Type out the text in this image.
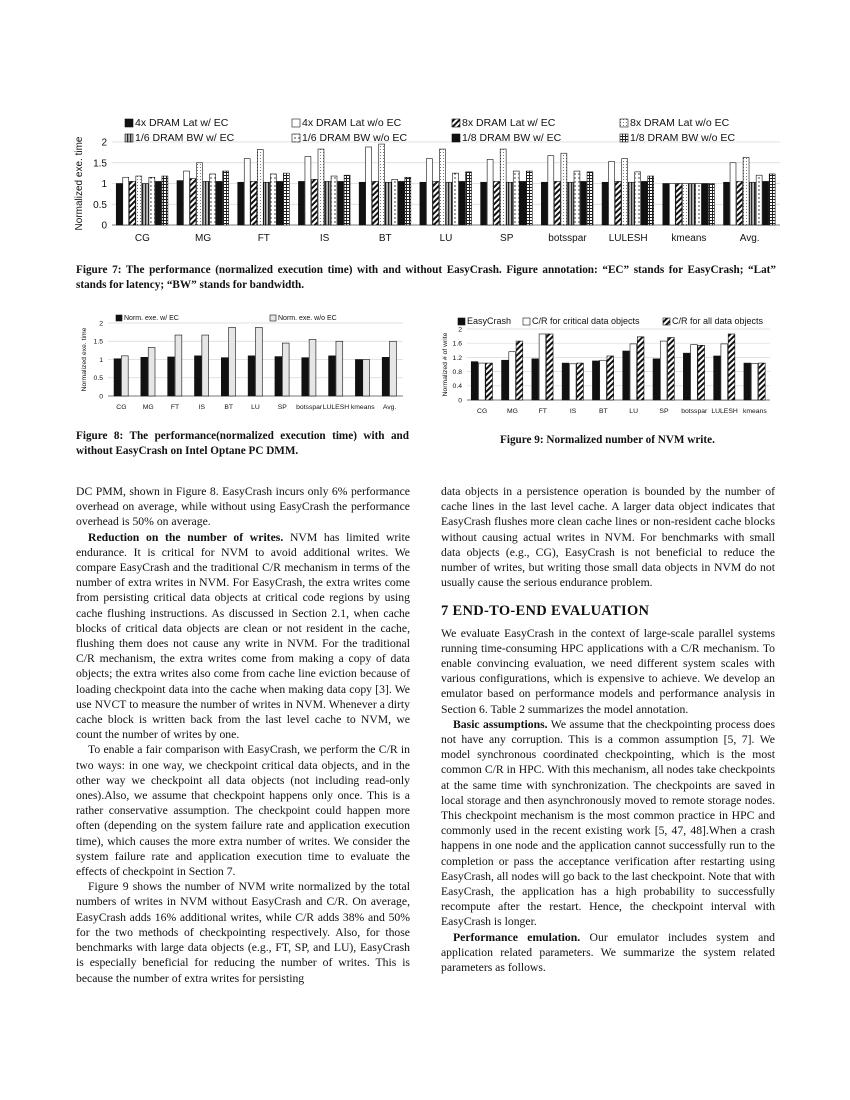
Normalized exe. time 0
0.5
1
1.5
2
CG	MG	FT	IS	BT	LU	SP	botsspar LULESH kmeans	Avg.
4x DRAM Lat w/ EC	4x DRAM Lat w/o EC	8x DRAM Lat w/ EC	8x DRAM Lat w/o EC
1/6 DRAM BW w/ EC	1/6 DRAM BW w/o EC	1/8 DRAM BW w/ EC	1/8 DRAM BW w/o EC
Figure 7: The performance (normalized execution time) with and without EasyCrash. Figure annotation: “EC” stands for EasyCrash; “Lat” stands for latency; “BW” stands for bandwidth.
Normalized exe. time
0
0.5
1
1.5
2
CG MG	FT	IS	BT	LU	SP botsspar LULESH kmeans Avg.
Norm. exe. w/ EC	Norm. exe. w/o EC
Figure 8: The performance(normalized execution time) with and without EasyCrash on Intel Optane PC DMM.
Normalized # of write
0
0.4
0.8
1.2
1.6
2
CG	MG	FT	IS	BT	LU	SP botsspar LULESH kmeans
EasyCrash C/R for critical data objects	C/R for all data objects
Figure 9: Normalized number of NVM write.

DC PMM, shown in Figure 8. EasyCrash incurs only 6% performance overhead on average, while without using EasyCrash the performance overhead is 50% on average.

Reduction on the number of writes. NVM has limited write endurance. It is critical for NVM to avoid additional writes. We compare EasyCrash and the traditional C/R mechanism in terms of the number of extra writes in NVM. For EasyCrash, the extra writes come from persisting critical data objects at critical code regions by using cache flushing instructions. As discussed in Section 2.1, when cache blocks of critical data objects are clean or not resident in the cache, flushing them does not cause any write in NVM. For the traditional C/R mechanism, the extra writes come from making a copy of data objects; the extra writes also come from cache line eviction because of loading checkpoint data into the cache when making data copy [3]. We use NVCT to measure the number of writes in NVM. Whenever a dirty cache block is written back from the last level cache to NVM, we count the number of writes by one.

To enable a fair comparison with EasyCrash, we perform the C/R in two ways: in one way, we checkpoint critical data objects, and in the other way we checkpoint all data objects (not including read-only ones).Also, we assume that checkpoint happens only once. This is a rather conservative assumption. The checkpoint could happen more often (depending on the system failure rate and application execution time), which causes the more extra number of writes. We consider the system failure rate and application execution time to evaluate the effects of checkpoint in Section 7.

Figure 9 shows the number of NVM write normalized by the total numbers of writes in NVM without EasyCrash and C/R. On average, EasyCrash adds 16% additional writes, while C/R adds 38% and 50% for the two methods of checkpointing respectively. Also, for those benchmarks with large data objects (e.g., FT, SP, and LU), EasyCrash is especially beneficial for reducing the number of writes. This is because the number of extra writes for persisting

data objects in a persistence operation is bounded by the number of cache lines in the last level cache. A larger data object indicates that EasyCrash flushes more clean cache lines or non-resident cache blocks without causing actual writes in NVM. For benchmarks with small data objects (e.g., CG), EasyCrash is not beneficial to reduce the number of writes, but writing those small data objects in NVM do not usually cause the serious endurance problem.

7 END-TO-END EVALUATION

We evaluate EasyCrash in the context of large-scale parallel systems running time-consuming HPC applications with a C/R mechanism. To enable convincing evaluation, we need different system scales with various configurations, which is expensive to achieve. We develop an emulator based on performance models and performance analysis in Section 6. Table 2 summarizes the model annotation.

Basic assumptions. We assume that the checkpointing process does not have any corruption. This is a common assumption [5, 7]. We model synchronous coordinated checkpointing, which is the most common C/R in HPC. With this mechanism, all nodes take checkpoints at the same time with synchronization. The checkpoints are saved in local storage and then asynchronously moved to remote storage nodes. This checkpoint mechanism is the most common practice in HPC and commonly used in the recent existing work [5, 47, 48].When a crash happens in one node and the application cannot successfully run to the completion or pass the acceptance verification after restarting using EasyCrash, all nodes will go back to the last checkpoint. Note that with EasyCrash, the application has a high probability to successfully recompute after the restart. Hence, the checkpoint interval with EasyCrash is longer.

Performance emulation. Our emulator includes system and application related parameters. We summarize the system related parameters as follows.
